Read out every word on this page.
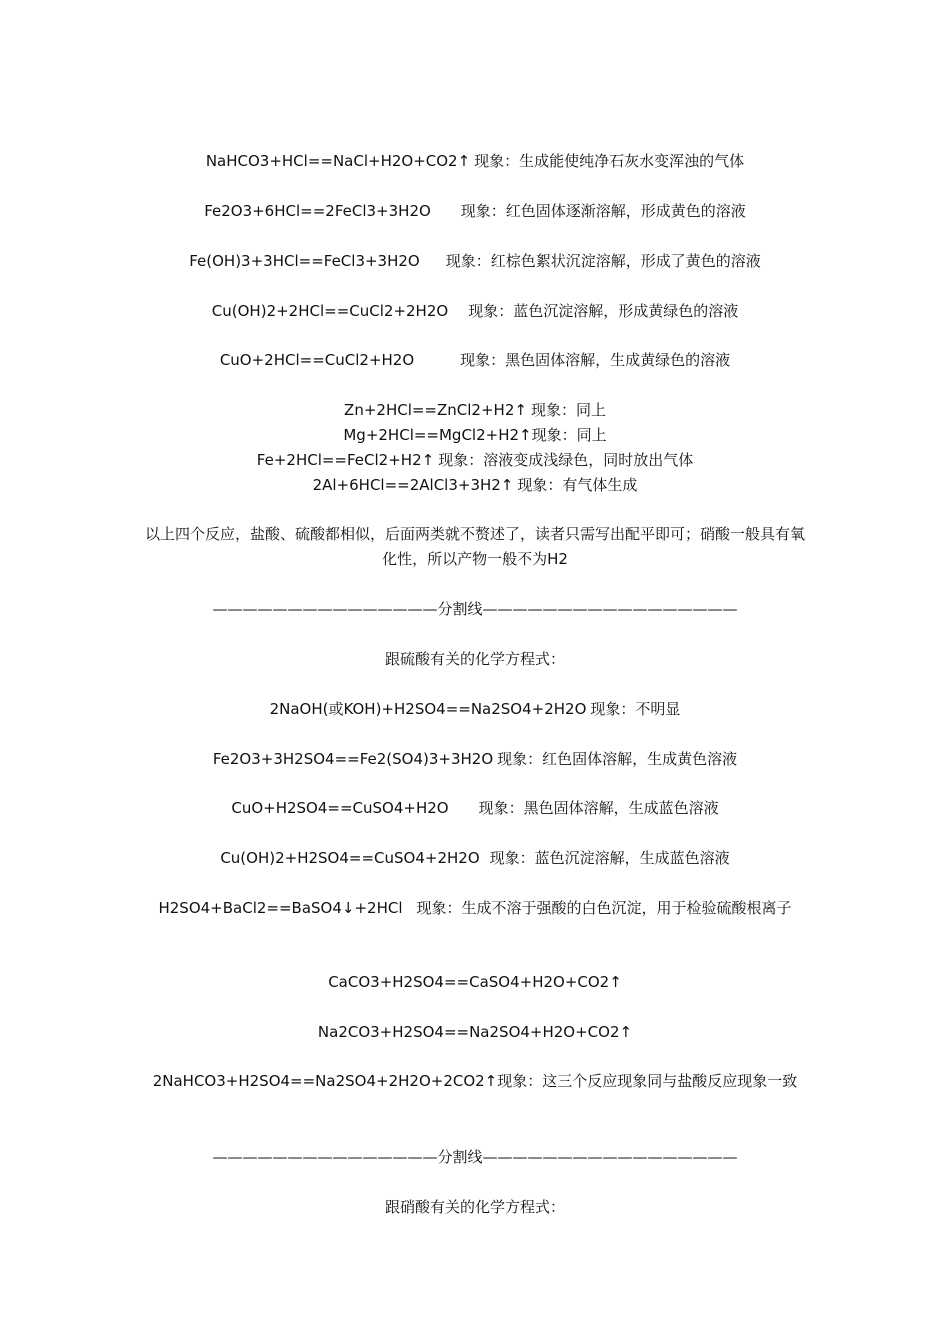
NaHCO3+HCl==NaCl+H2O+CO2↑ 现象：生成能使纯净石灰水变浑浊的气体
Fe2O3+6HCl==2FeCl3+3H2O 现象：红色固体逐渐溶解，形成黄色的溶液
Fe(OH)3+3HCl==FeCl3+3H2O 现象：红棕色絮状沉淀溶解，形成了黄色的溶液
Cu(OH)2+2HCl==CuCl2+2H2O 现象：蓝色沉淀溶解，形成黄绿色的溶液
CuO+2HCl==CuCl2+H2O	现象：黑色固体溶解，生成黄绿色的溶液
Zn+2HCl==ZnCl2+H2↑ 现象：同上
Mg+2HCl==MgCl2+H2↑现象：同上
Fe+2HCl==FeCl2+H2↑ 现象：溶液变成浅绿色，同时放出气体
2Al+6HCl==2AlCl3+3H2↑ 现象：有气体生成
以上四个反应，盐酸、硫酸都相似，后面两类就不赘述了，读者只需写出配平即可；硝酸一般具有氧化性，所以产物一般不为H2
———————————————分割线—————————————————
跟硫酸有关的化学方程式：
2NaOH(或KOH)+H2SO4==Na2SO4+2H2O 现象：不明显
Fe2O3+3H2SO4==Fe2(SO4)3+3H2O 现象：红色固体溶解，生成黄色溶液
CuO+H2SO4==CuSO4+H2O 现象：黑色固体溶解，生成蓝色溶液
Cu(OH)2+H2SO4==CuSO4+2H2O 现象：蓝色沉淀溶解，生成蓝色溶液
H2SO4+BaCl2==BaSO4↓+2HCl 现象：生成不溶于强酸的白色沉淀，用于检验硫酸根离子
CaCO3+H2SO4==CaSO4+H2O+CO2↑
Na2CO3+H2SO4==Na2SO4+H2O+CO2↑
2NaHCO3+H2SO4==Na2SO4+2H2O+2CO2↑现象：这三个反应现象同与盐酸反应现象一致
———————————————分割线—————————————————
跟硝酸有关的化学方程式：
